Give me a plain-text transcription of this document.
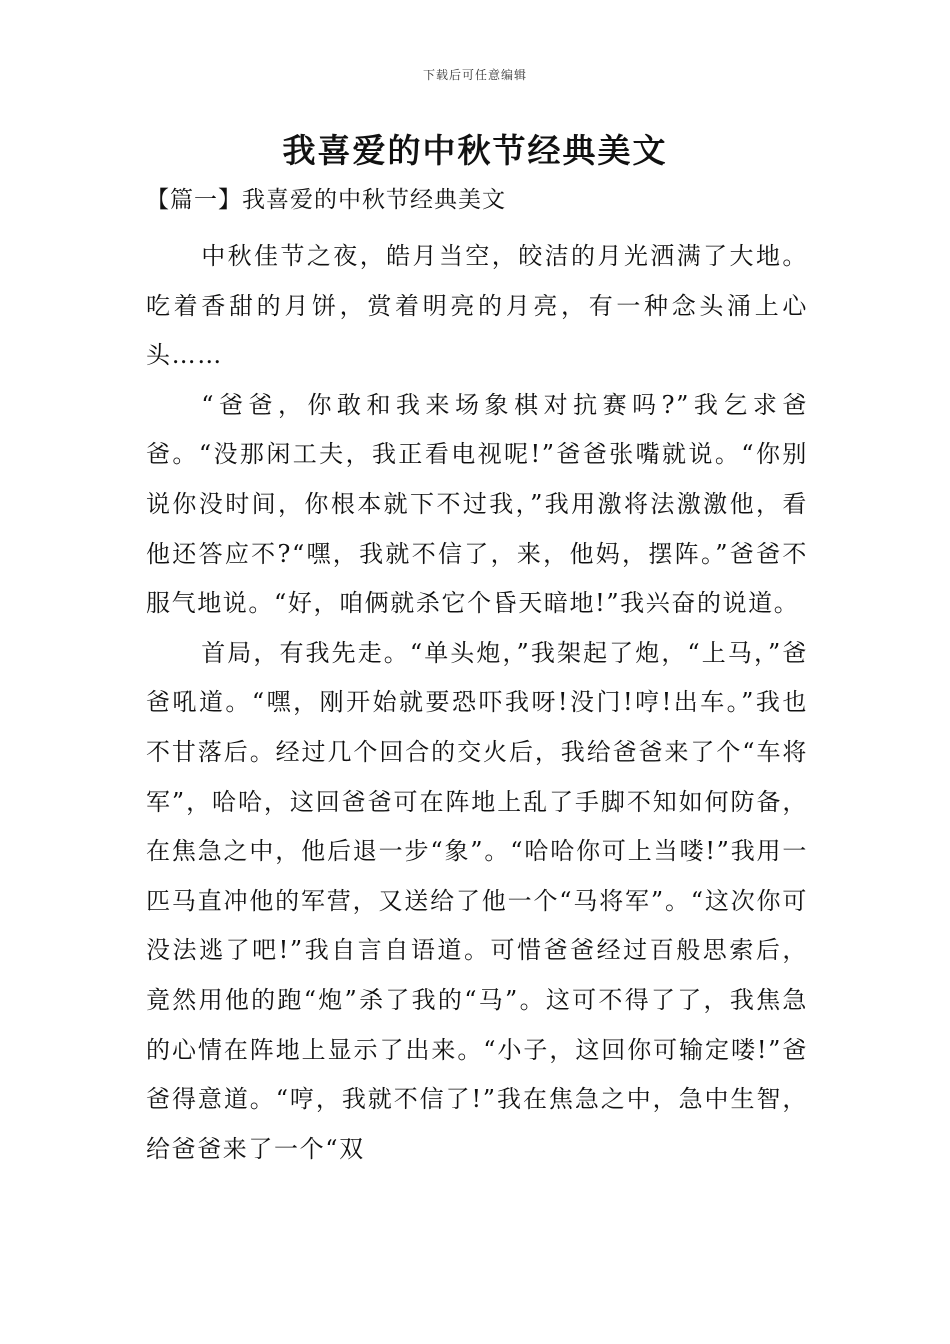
下载后可任意编辑
我喜爱的中秋节经典美文
【篇一】我喜爱的中秋节经典美文

中秋佳节之夜，皓月当空，皎洁的月光洒满了大地。吃着香甜的月饼，赏着明亮的月亮，有一种念头涌上心头……

“爸爸，你敢和我来场象棋对抗赛吗?”我乞求爸爸。“没那闲工夫，我正看电视呢!”爸爸张嘴就说。“你别说你没时间，你根本就下不过我，”我用激将法激激他，看他还答应不?“嘿，我就不信了，来，他妈，摆阵。”爸爸不服气地说。“好，咱俩就杀它个昏天暗地!”我兴奋的说道。

首局，有我先走。“单头炮，”我架起了炮，“上马，”爸爸吼道。“嘿，刚开始就要恐吓我呀!没门!哼!出车。”我也不甘落后。经过几个回合的交火后，我给爸爸来了个“车将军”，哈哈，这回爸爸可在阵地上乱了手脚不知如何防备，在焦急之中，他后退一步“象”。“哈哈你可上当喽!”我用一匹马直冲他的军营，又送给了他一个“马将军”。“这次你可没法逃了吧!”我自言自语道。可惜爸爸经过百般思索后，竟然用他的跑“炮”杀了我的“马”。这可不得了了，我焦急的心情在阵地上显示了出来。“小子，这回你可输定喽!”爸爸得意道。“哼，我就不信了!”我在焦急之中，急中生智，给爸爸来了一个“双
